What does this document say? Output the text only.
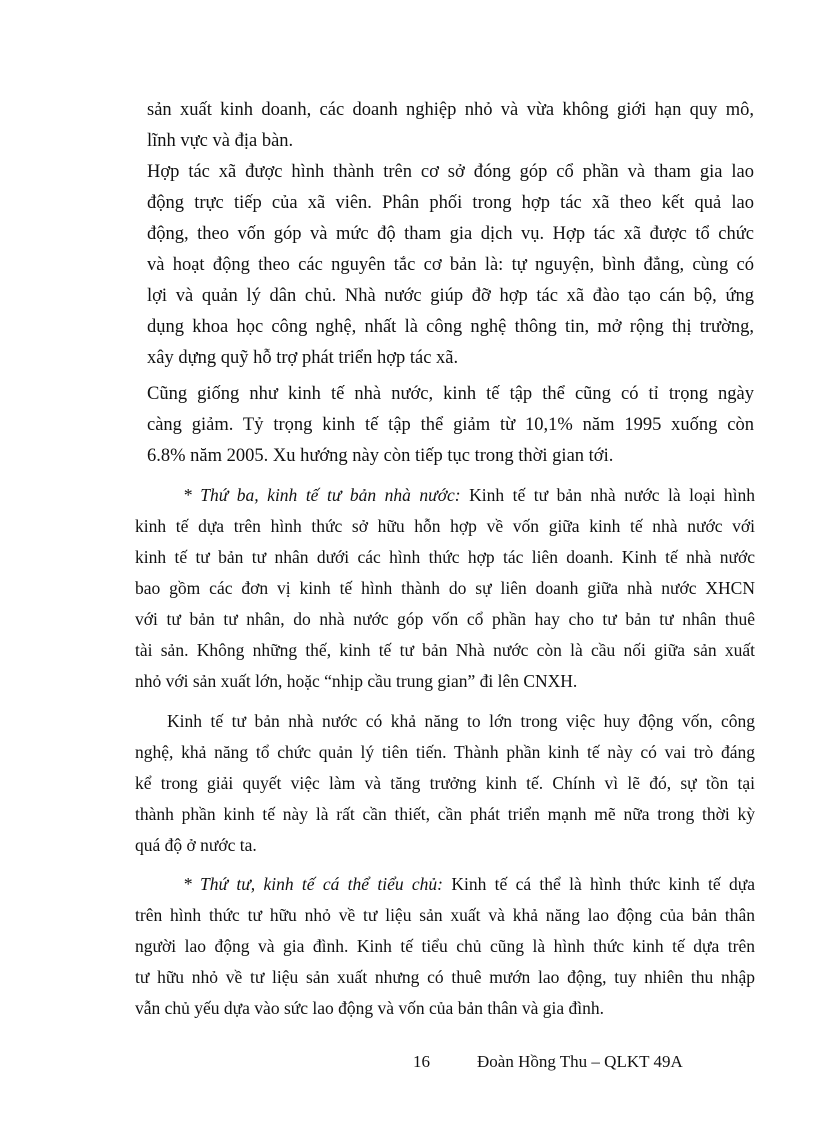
sản xuất kinh doanh, các doanh nghiệp nhỏ và vừa không giới hạn quy mô,
lĩnh vực và địa bàn.
Hợp tác xã được hình thành trên cơ sở đóng góp cổ phần và tham gia lao
động trực tiếp của xã viên. Phân phối trong hợp tác xã theo kết quả lao
động, theo vốn góp và mức độ tham gia dịch vụ. Hợp tác xã được tổ chức
và hoạt động theo các nguyên tắc cơ bản là: tự nguyện, bình đẳng, cùng có
lợi và quản lý dân chủ. Nhà nước giúp đỡ hợp tác xã đào tạo cán bộ, ứng
dụng khoa học công nghệ, nhất là công nghệ thông tin, mở rộng thị trường,
xây dựng quỹ hỗ trợ phát triển hợp tác xã.
Cũng giống như kinh tế nhà nước, kinh tế tập thể cũng có tỉ trọng ngày
càng giảm. Tỷ trọng kinh tế tập thể giảm từ 10,1% năm 1995 xuống còn
6.8% năm 2005. Xu hướng này còn tiếp tục trong thời gian tới.
* Thứ ba, kinh tế tư bản nhà nước: Kinh tế tư bản nhà nước là loại hình
kinh tế dựa trên hình thức sở hữu hỗn hợp về vốn giữa kinh tế nhà nước với
kinh tế tư bản tư nhân dưới các hình thức hợp tác liên doanh. Kinh tế nhà nước
bao gồm các đơn vị kinh tế hình thành do sự liên doanh giữa nhà nước XHCN
với tư bản tư nhân, do nhà nước góp vốn cổ phần hay cho tư bản tư nhân thuê
tài sản. Không những thế, kinh tế tư bản Nhà nước còn là cầu nối giữa sản xuất
nhỏ với sản xuất lớn, hoặc “nhịp cầu trung gian” đi lên CNXH.
Kinh tế tư bản nhà nước có khả năng to lớn trong việc huy động vốn, công
nghệ, khả năng tổ chức quản lý tiên tiến. Thành phần kinh tế này có vai trò đáng
kể trong giải quyết việc làm và tăng trưởng kinh tế. Chính vì lẽ đó, sự tồn tại
thành phần kinh tế này là rất cần thiết, cần phát triển mạnh mẽ nữa trong thời kỳ
quá độ ở nước ta.
* Thứ tư, kinh tế cá thể tiểu chủ: Kinh tế cá thể là hình thức kinh tế dựa
trên hình thức tư hữu nhỏ về tư liệu sản xuất và khả năng lao động của bản thân
người lao động và gia đình. Kinh tế tiểu chủ cũng là hình thức kinh tế dựa trên
tư hữu nhỏ về tư liệu sản xuất nhưng có thuê mướn lao động, tuy nhiên thu nhập
vẫn chủ yếu dựa vào sức lao động và vốn của bản thân và gia đình.
16	Đoàn Hồng Thu – QLKT 49A
